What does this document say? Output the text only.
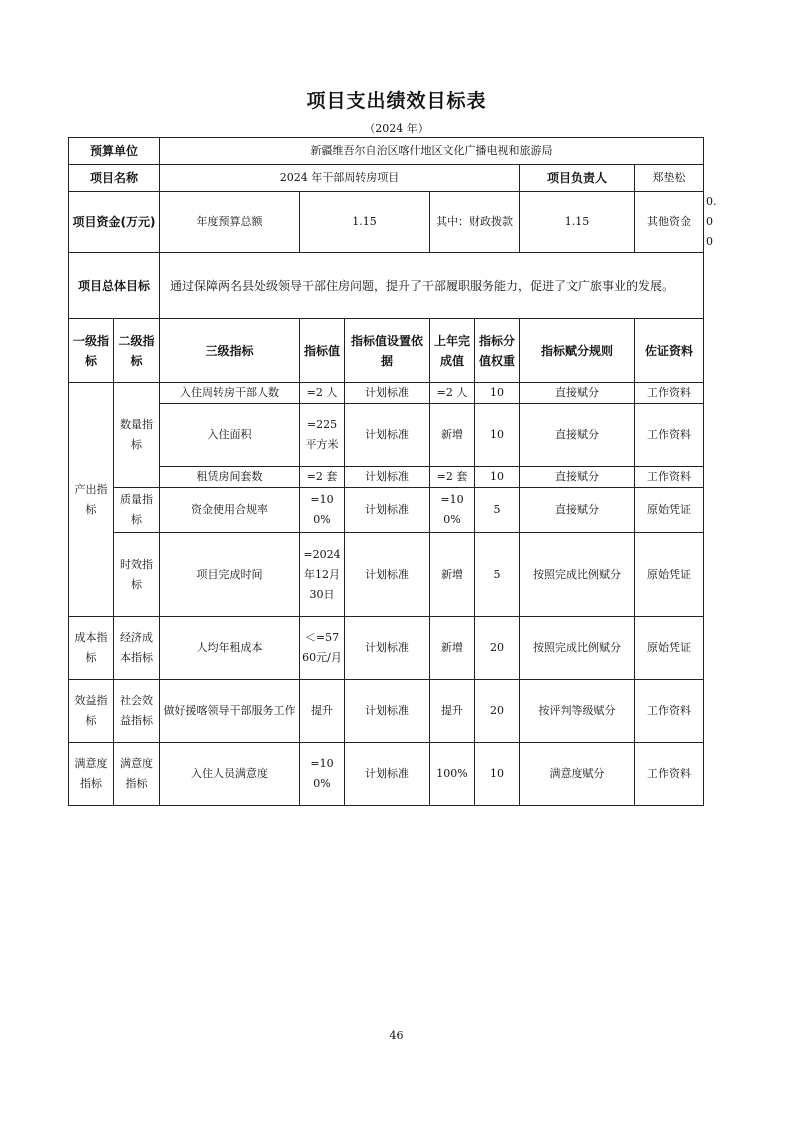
项目支出绩效目标表
（2024 年）
预算单位		新疆维吾尔自治区喀什地区文化广播电视和旅游局							
项目名称		2024 年干部周转房项目					项目负责人	郑垫松	
项目资金(万元)		年度预算总额	1.15		其中：财政拨款		1.15	其他资金	0.00
项目总体目标		通过保障两名县处级领导干部住房问题，提升了干部履职服务能力，促进了文广旅事业的发展。							
一级指标	二级指标	三级指标	指标值	指标值设置依据	上年完成值	指标分值权重	指标赋分规则	佐证资料	
产出指标	数量指标	入住周转房干部人数	=2 人	计划标准	=2 人	10	直接赋分	工作资料	
		入住面积	=225平方米	计划标准	新增	10	直接赋分	工作资料	
		租赁房间套数	=2 套	计划标准	=2 套	10	直接赋分	工作资料	
	质量指标	资金使用合规率	=100%	计划标准	=100%	5	直接赋分	原始凭证	
	时效指标	项目完成时间	=2024年12月30日	计划标准	新增	5	按照完成比例赋分	原始凭证	
成本指标	经济成本指标	人均年租成本	＜=5760元/月	计划标准	新增	20	按照完成比例赋分	原始凭证	
效益指标	社会效益指标	做好援喀领导干部服务工作	提升	计划标准	提升	20	按评判等级赋分	工作资料	
满意度指标	满意度指标	入住人员满意度	=100%	计划标准	100%	10	满意度赋分	工作资料	
46
